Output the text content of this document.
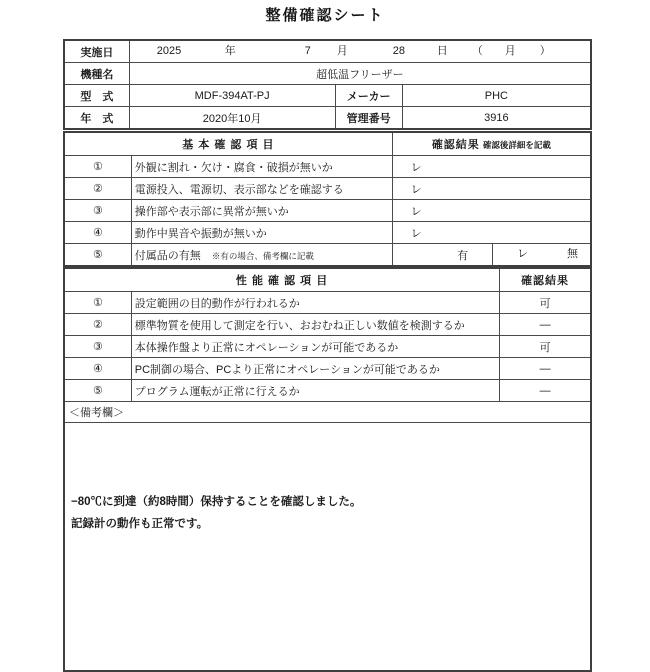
整備確認シート
実施日	2025	年	7 月	28	日 （ 月 ）

機種名	超低温フリーザー		
型　式	MDF-394AT-PJ	メーカー	PHC
年　式	2020年10月	管理番号	3916
基 本 確 認 項 目		確認結果 確認後詳細を記載	
①	外観に割れ・欠け・腐食・破損が無いか	レ	
②	電源投入、電源切、表示部などを確認する	レ	
③	操作部や表示部に異常が無いか	レ	
④	動作中異音や振動が無いか	レ	
⑤	付属品の有無 ※有の場合、備考欄に記載	有	レ 無
性 能 確 認 項 目		確認結果
①	設定範囲の目的動作が行われるか	可
②	標準物質を使用して測定を行い、おおむね正しい数値を検測するか	―
③	本体操作盤より正常にオペレーションが可能であるか	可
④	PC制御の場合、PCより正常にオペレーションが可能であるか	―
⑤	プログラム運転が正常に行えるか	―
＜備考欄＞		

−80℃に到達（約8時間）保持することを確認しました。
記録計の動作も正常です。		
